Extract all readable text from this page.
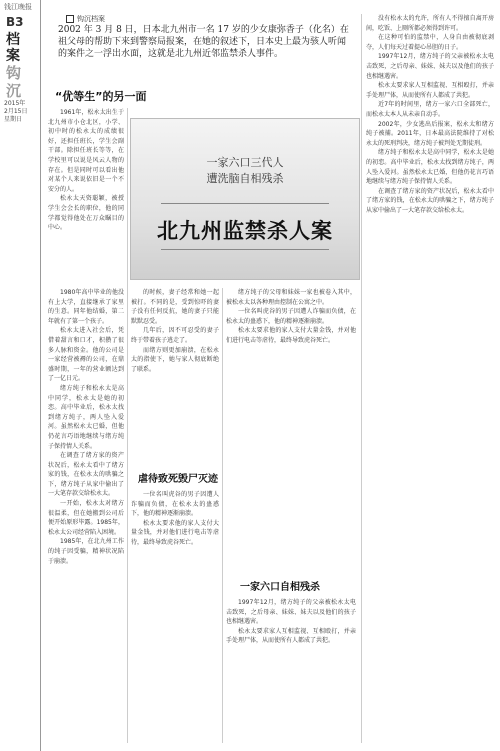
钱江晚报
B3
档案
钩沉
2015年
2月15日
星期日
钩沉档案
2002 年 3 月 8 日，日本北九州市一名 17 岁的少女康弥香子（化名）在祖父母的帮助下来到警察局报案，在她的叙述下，日本史上最为骇人听闻的案件之一浮出水面，这就是北九州近邻监禁杀人事件。
一家六口三代人
遭洗脑自相残杀
北九州监禁杀人案
“优等生”的另一面

1961年，松永太出生于北九州市小仓北区，小学、初中时的松永太的成绩很好，还担任班长，学生会副干部。除担任班长等等，在学校里可以说是风云人物的存在。但是同时可以看出他对某个人来说依旧是一个不安分的人。

松永太天资聪颖，被授学生会会长的职位，他的同学都觉得他处在万众瞩目的中心。

1980年高中毕业的他没有上大学，直接继承了家里的生意。同年他结婚，第二年就有了第一个孩子。

松永太进入社会后，凭借着甜言和口才，积攒了很多人脉和资金。他的公司是一家经营被褥的公司，在鼎盛时期，一年的营业额达到了一亿日元。

绪方纯子和松永太是高中同学，松永太是她的初恋。高中毕业后，松永太找到绪方纯子，两人坠入爱河。虽然松永太已婚，但他仍花言巧语地继续与绪方纯子保持情人关系。

在调查了绪方家的资产状况后，松永太看中了绪方家的钱，在松永太的哄骗之下，绪方纯子从家中偷出了一大笔存款交给松永太。

一开始，松永太对绪方很温柔，但在她搬到公司后便开始原形毕露。1985年，松永太公司经营陷入困境。

1985年，在北九州工作的纯子因受骗，精神状况陷于崩溃。

的时候，妻子经常和她一起被打。不同的是，受到惊吓的妻子没有任何反抗，她的妻子只能默默忍受。

几年后，因不可忍受的妻子终于带着孩子逃走了。

而绪方则更加崩溃，在松永太的指使下，她与家人彻底断绝了联系。

虐待致死毁尸灭迹

一位名叫虎谷的男子因遭人诈骗而负债，在松永太的蛊惑下，他的精神逐渐崩溃。

松永太要求他的家人支付大量金钱，并对他们进行电击等虐待，最终导致虎谷死亡。

绪方纯子的父母和妹妹一家也被卷入其中，被松永太以各种理由控制在公寓之中。

一位名叫虎谷的男子因遭人诈骗而负债，在松永太的蛊惑下，他的精神逐渐崩溃。

松永太要求他的家人支付大量金钱，并对他们进行电击等虐待，最终导致虎谷死亡。

一家六口自相残杀

1997年12月，绪方纯子的父亲被松永太电击致死，之后母亲、妹妹、妹夫以及他们的孩子也相继遇害。

松永太要求家人互相监视、互相殴打，并亲手处理尸体，从而使所有人都成了共犯。

没有松永太的允许，所有人不得擅自离开房间，吃饭、上厕所都必须得到许可。

在这种可怕的监禁中，人身自由被彻底剥夺，人们每天过着提心吊胆的日子。

1997年12月，绪方纯子的父亲被松永太电击致死，之后母亲、妹妹、妹夫以及他们的孩子也相继遇害。

松永太要求家人互相监视、互相殴打，并亲手处理尸体，从而使所有人都成了共犯。

近7年的时间里，绪方一家六口全部死亡，而松永太本人从未亲自动手。

2002年，少女逃出后报案，松永太和绪方纯子被捕。2011年，日本最高法院维持了对松永太的死刑判决，绪方纯子被判处无期徒刑。

绪方纯子和松永太是高中同学，松永太是她的初恋。高中毕业后，松永太找到绪方纯子，两人坠入爱河。虽然松永太已婚，但他仍花言巧语地继续与绪方纯子保持情人关系。

在调查了绪方家的资产状况后，松永太看中了绪方家的钱，在松永太的哄骗之下，绪方纯子从家中偷出了一大笔存款交给松永太。
